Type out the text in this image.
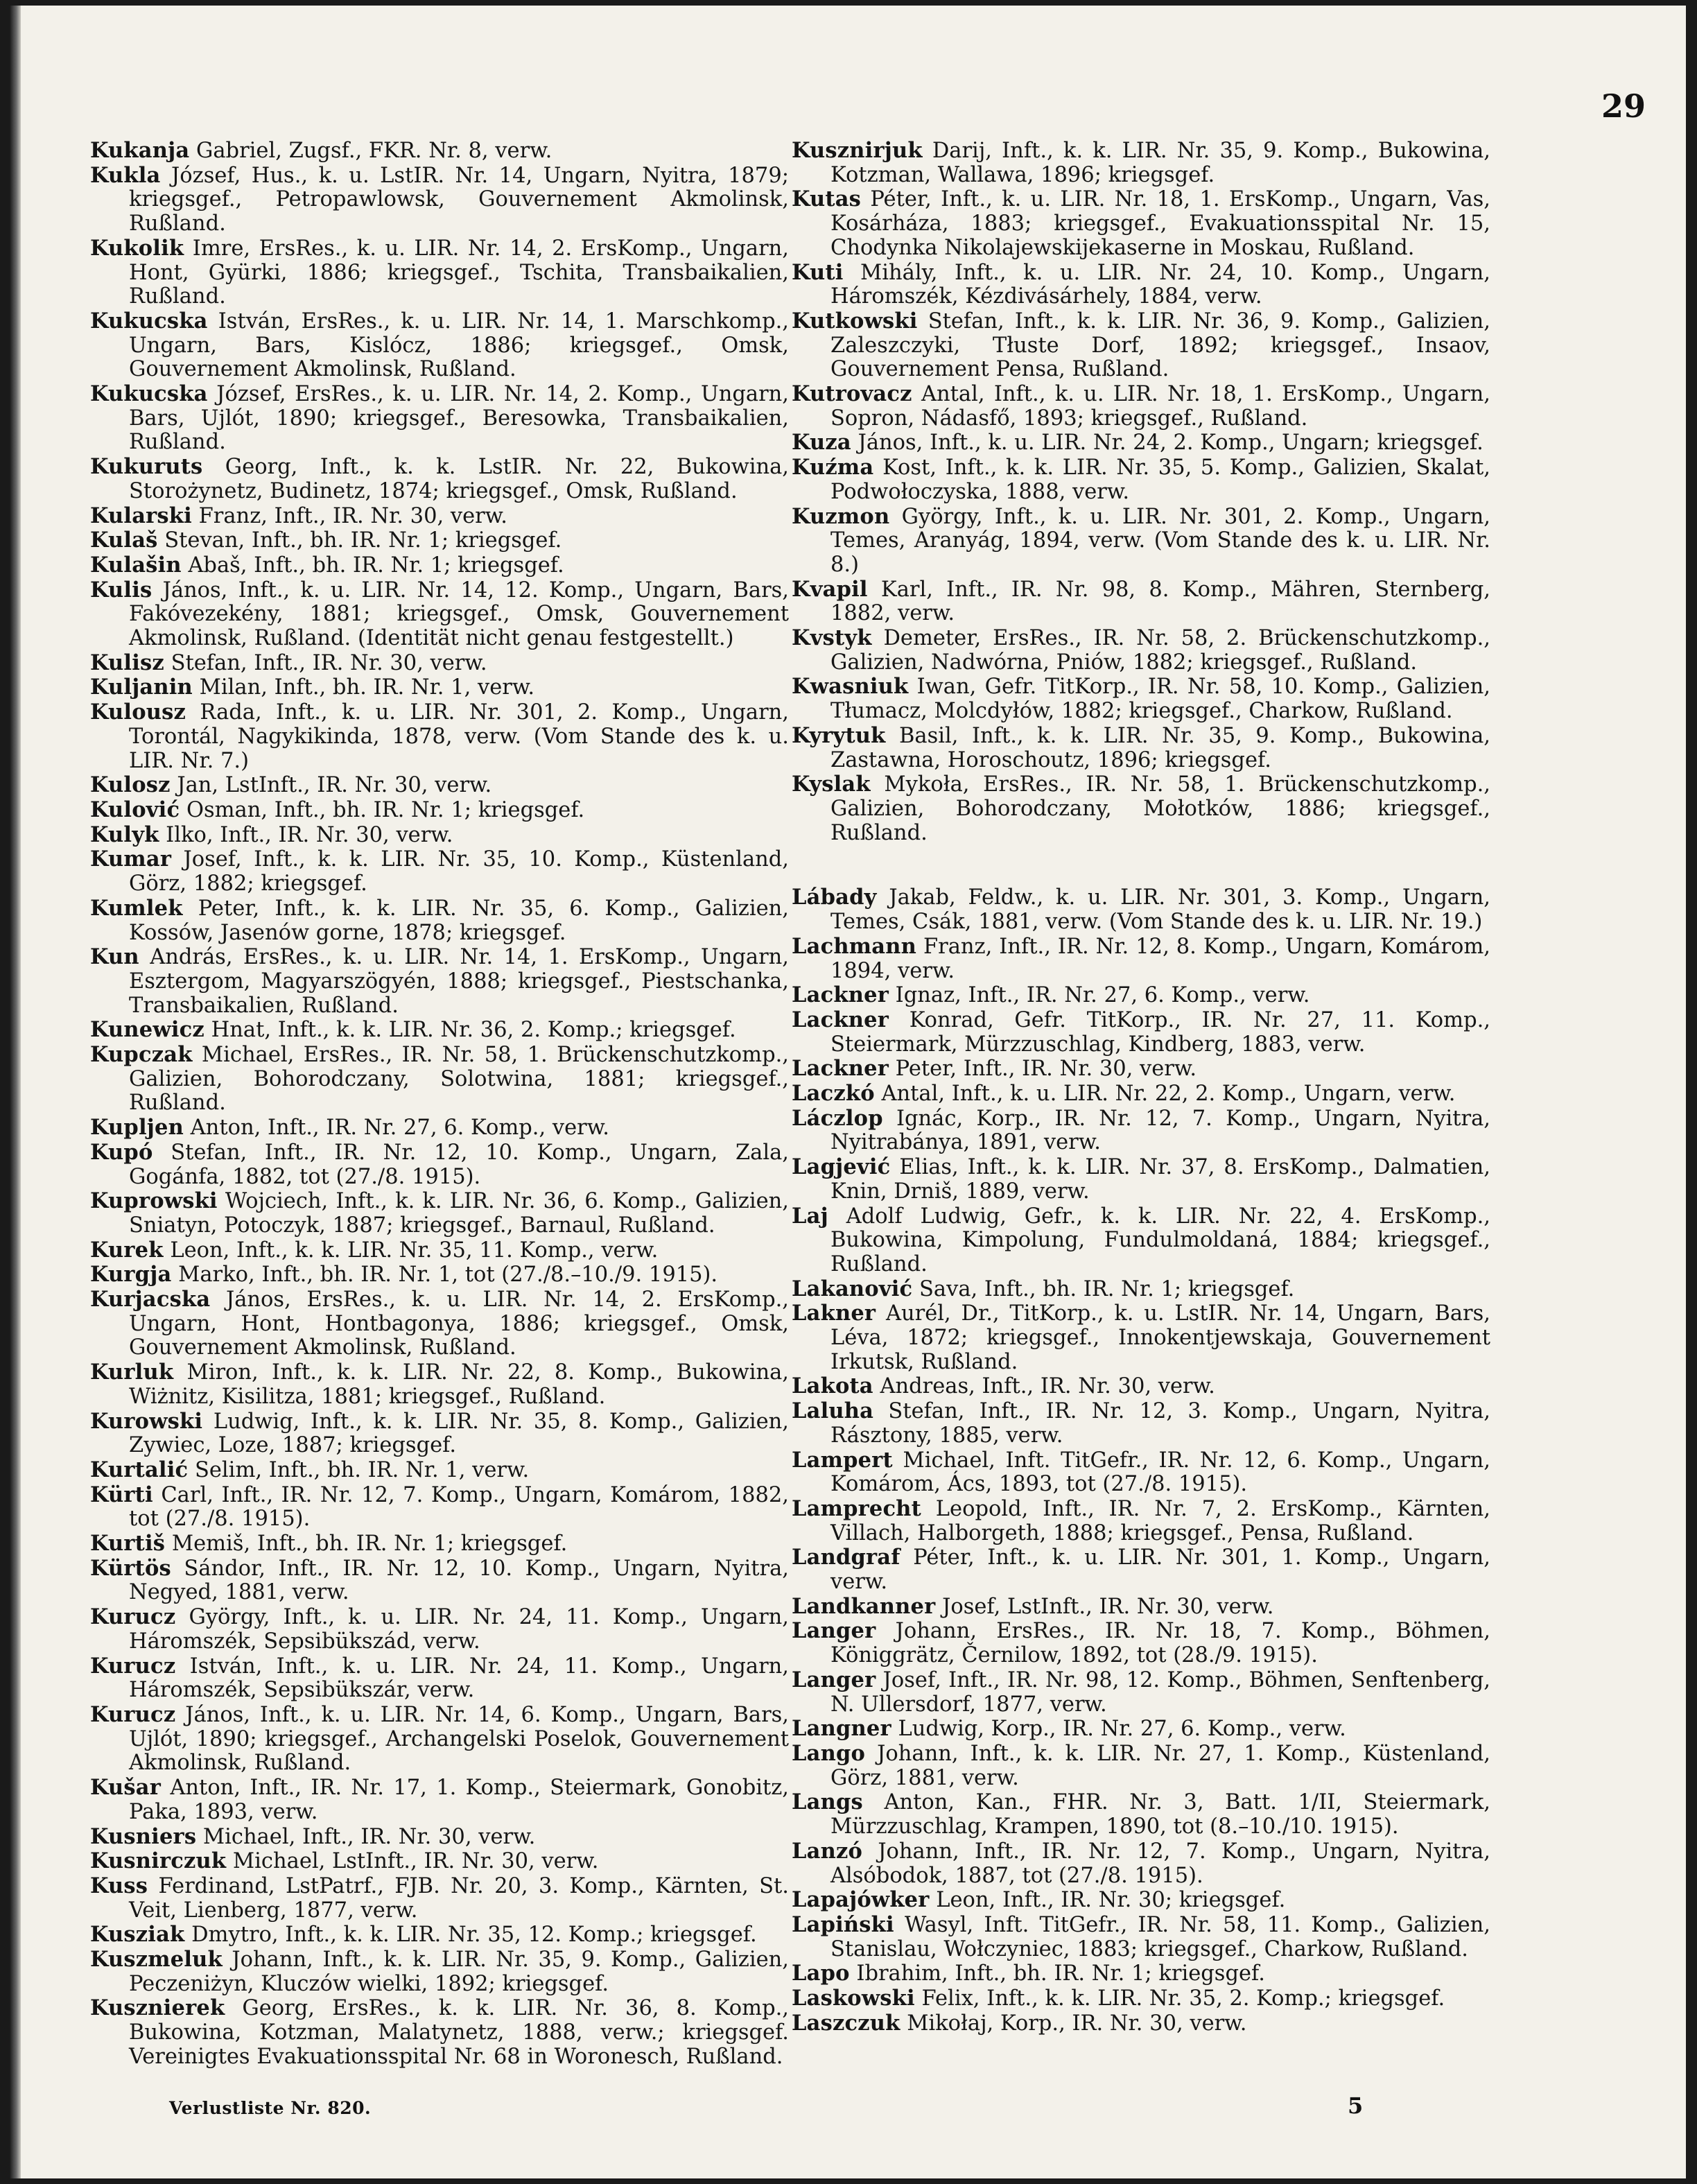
29

Kukanja Gabriel, Zugsf., FKR. Nr. 8, verw.

Kukla József, Hus., k. u. LstIR. Nr. 14, Ungarn, Nyitra, 1879; kriegsgef., Petropawlowsk, Gouvernement Akmolinsk, Rußland.

Kukolik Imre, ErsRes., k. u. LIR. Nr. 14, 2. ErsKomp., Ungarn, Hont, Gyürki, 1886; kriegsgef., Tschita, Transbaikalien, Rußland.

Kukucska István, ErsRes., k. u. LIR. Nr. 14, 1. Marschkomp., Ungarn, Bars, Kislócz, 1886; kriegsgef., Omsk, Gouvernement Akmolinsk, Rußland.

Kukucska József, ErsRes., k. u. LIR. Nr. 14, 2. Komp., Ungarn, Bars, Ujlót, 1890; kriegsgef., Beresowka, Transbaikalien, Rußland.

Kukuruts Georg, Inft., k. k. LstIR. Nr. 22, Bukowina, Storożynetz, Budinetz, 1874; kriegsgef., Omsk, Rußland.

Kularski Franz, Inft., IR. Nr. 30, verw.

Kulaš Stevan, Inft., bh. IR. Nr. 1; kriegsgef.

Kulašin Abaš, Inft., bh. IR. Nr. 1; kriegsgef.

Kulis János, Inft., k. u. LIR. Nr. 14, 12. Komp., Ungarn, Bars, Fakóvezekény, 1881; kriegsgef., Omsk, Gouvernement Akmolinsk, Rußland. (Identität nicht genau festgestellt.)

Kulisz Stefan, Inft., IR. Nr. 30, verw.

Kuljanin Milan, Inft., bh. IR. Nr. 1, verw.

Kulousz Rada, Inft., k. u. LIR. Nr. 301, 2. Komp., Ungarn, Torontál, Nagykikinda, 1878, verw. (Vom Stande des k. u. LIR. Nr. 7.)

Kulosz Jan, LstInft., IR. Nr. 30, verw.

Kulović Osman, Inft., bh. IR. Nr. 1; kriegsgef.

Kulyk Ilko, Inft., IR. Nr. 30, verw.

Kumar Josef, Inft., k. k. LIR. Nr. 35, 10. Komp., Küstenland, Görz, 1882; kriegsgef.

Kumlek Peter, Inft., k. k. LIR. Nr. 35, 6. Komp., Galizien, Kossów, Jasenów gorne, 1878; kriegsgef.

Kun András, ErsRes., k. u. LIR. Nr. 14, 1. ErsKomp., Ungarn, Esztergom, Magyarszögyén, 1888; kriegsgef., Piestschanka, Transbaikalien, Rußland.

Kunewicz Hnat, Inft., k. k. LIR. Nr. 36, 2. Komp.; kriegsgef.

Kupczak Michael, ErsRes., IR. Nr. 58, 1. Brückenschutzkomp., Galizien, Bohorodczany, Solotwina, 1881; kriegsgef., Rußland.

Kupljen Anton, Inft., IR. Nr. 27, 6. Komp., verw.

Kupó Stefan, Inft., IR. Nr. 12, 10. Komp., Ungarn, Zala, Gogánfa, 1882, tot (27./8. 1915).

Kuprowski Wojciech, Inft., k. k. LIR. Nr. 36, 6. Komp., Galizien, Sniatyn, Potoczyk, 1887; kriegsgef., Barnaul, Rußland.

Kurek Leon, Inft., k. k. LIR. Nr. 35, 11. Komp., verw.

Kurgja Marko, Inft., bh. IR. Nr. 1, tot (27./8.–10./9. 1915).

Kurjacska János, ErsRes., k. u. LIR. Nr. 14, 2. ErsKomp., Ungarn, Hont, Hontbagonya, 1886; kriegsgef., Omsk, Gouvernement Akmolinsk, Rußland.

Kurluk Miron, Inft., k. k. LIR. Nr. 22, 8. Komp., Bukowina, Wiżnitz, Kisilitza, 1881; kriegsgef., Rußland.

Kurowski Ludwig, Inft., k. k. LIR. Nr. 35, 8. Komp., Galizien, Zywiec, Loze, 1887; kriegsgef.

Kurtalić Selim, Inft., bh. IR. Nr. 1, verw.

Kürti Carl, Inft., IR. Nr. 12, 7. Komp., Ungarn, Komárom, 1882, tot (27./8. 1915).

Kurtiš Memiš, Inft., bh. IR. Nr. 1; kriegsgef.

Kürtös Sándor, Inft., IR. Nr. 12, 10. Komp., Ungarn, Nyitra, Negyed, 1881, verw.

Kurucz György, Inft., k. u. LIR. Nr. 24, 11. Komp., Ungarn, Háromszék, Sepsibükszád, verw.

Kurucz István, Inft., k. u. LIR. Nr. 24, 11. Komp., Ungarn, Háromszék, Sepsibükszár, verw.

Kurucz János, Inft., k. u. LIR. Nr. 14, 6. Komp., Ungarn, Bars, Ujlót, 1890; kriegsgef., Archangelski Poselok, Gouvernement Akmolinsk, Rußland.

Kušar Anton, Inft., IR. Nr. 17, 1. Komp., Steiermark, Gonobitz, Paka, 1893, verw.

Kusniers Michael, Inft., IR. Nr. 30, verw.

Kusnirczuk Michael, LstInft., IR. Nr. 30, verw.

Kuss Ferdinand, LstPatrf., FJB. Nr. 20, 3. Komp., Kärnten, St. Veit, Lienberg, 1877, verw.

Kusziak Dmytro, Inft., k. k. LIR. Nr. 35, 12. Komp.; kriegsgef.

Kuszmeluk Johann, Inft., k. k. LIR. Nr. 35, 9. Komp., Galizien, Peczeniżyn, Kluczów wielki, 1892; kriegsgef.

Kusznierek Georg, ErsRes., k. k. LIR. Nr. 36, 8. Komp., Bukowina, Kotzman, Malatynetz, 1888, verw.; kriegsgef. Vereinigtes Evakuationsspital Nr. 68 in Woronesch, Rußland.

Kusznirjuk Darij, Inft., k. k. LIR. Nr. 35, 9. Komp., Bukowina, Kotzman, Wallawa, 1896; kriegsgef.

Kutas Péter, Inft., k. u. LIR. Nr. 18, 1. ErsKomp., Ungarn, Vas, Kosárháza, 1883; kriegsgef., Evakuationsspital Nr. 15, Chodynka Nikolajewskijekaserne in Moskau, Rußland.

Kuti Mihály, Inft., k. u. LIR. Nr. 24, 10. Komp., Ungarn, Háromszék, Kézdivásárhely, 1884, verw.

Kutkowski Stefan, Inft., k. k. LIR. Nr. 36, 9. Komp., Galizien, Zaleszczyki, Tłuste Dorf, 1892; kriegsgef., Insaov, Gouvernement Pensa, Rußland.

Kutrovacz Antal, Inft., k. u. LIR. Nr. 18, 1. ErsKomp., Ungarn, Sopron, Nádasfő, 1893; kriegsgef., Rußland.

Kuza János, Inft., k. u. LIR. Nr. 24, 2. Komp., Ungarn; kriegsgef.

Kuźma Kost, Inft., k. k. LIR. Nr. 35, 5. Komp., Galizien, Skalat, Podwołoczyska, 1888, verw.

Kuzmon György, Inft., k. u. LIR. Nr. 301, 2. Komp., Ungarn, Temes, Aranyág, 1894, verw. (Vom Stande des k. u. LIR. Nr. 8.)

Kvapil Karl, Inft., IR. Nr. 98, 8. Komp., Mähren, Sternberg, 1882, verw.

Kvstyk Demeter, ErsRes., IR. Nr. 58, 2. Brückenschutzkomp., Galizien, Nadwórna, Pniów, 1882; kriegsgef., Rußland.

Kwasniuk Iwan, Gefr. TitKorp., IR. Nr. 58, 10. Komp., Galizien, Tłumacz, Molcdyłów, 1882; kriegsgef., Charkow, Rußland.

Kyrytuk Basil, Inft., k. k. LIR. Nr. 35, 9. Komp., Bukowina, Zastawna, Horoschoutz, 1896; kriegsgef.

Kyslak Mykoła, ErsRes., IR. Nr. 58, 1. Brückenschutzkomp., Galizien, Bohorodczany, Mołotków, 1886; kriegsgef., Rußland.

Lábady Jakab, Feldw., k. u. LIR. Nr. 301, 3. Komp., Ungarn, Temes, Csák, 1881, verw. (Vom Stande des k. u. LIR. Nr. 19.)

Lachmann Franz, Inft., IR. Nr. 12, 8. Komp., Ungarn, Komárom, 1894, verw.

Lackner Ignaz, Inft., IR. Nr. 27, 6. Komp., verw.

Lackner Konrad, Gefr. TitKorp., IR. Nr. 27, 11. Komp., Steiermark, Mürzzuschlag, Kindberg, 1883, verw.

Lackner Peter, Inft., IR. Nr. 30, verw.

Laczkó Antal, Inft., k. u. LIR. Nr. 22, 2. Komp., Ungarn, verw.

Láczlop Ignác, Korp., IR. Nr. 12, 7. Komp., Ungarn, Nyitra, Nyitrabánya, 1891, verw.

Lagjević Elias, Inft., k. k. LIR. Nr. 37, 8. ErsKomp., Dalmatien, Knin, Drniš, 1889, verw.

Laj Adolf Ludwig, Gefr., k. k. LIR. Nr. 22, 4. ErsKomp., Bukowina, Kimpolung, Fundulmoldaná, 1884; kriegsgef., Rußland.

Lakanović Sava, Inft., bh. IR. Nr. 1; kriegsgef.

Lakner Aurél, Dr., TitKorp., k. u. LstIR. Nr. 14, Ungarn, Bars, Léva, 1872; kriegsgef., Innokentjewskaja, Gouvernement Irkutsk, Rußland.

Lakota Andreas, Inft., IR. Nr. 30, verw.

Laluha Stefan, Inft., IR. Nr. 12, 3. Komp., Ungarn, Nyitra, Rásztony, 1885, verw.

Lampert Michael, Inft. TitGefr., IR. Nr. 12, 6. Komp., Ungarn, Komárom, Ács, 1893, tot (27./8. 1915).

Lamprecht Leopold, Inft., IR. Nr. 7, 2. ErsKomp., Kärnten, Villach, Halborgeth, 1888; kriegsgef., Pensa, Rußland.

Landgraf Péter, Inft., k. u. LIR. Nr. 301, 1. Komp., Ungarn, verw.

Landkanner Josef, LstInft., IR. Nr. 30, verw.

Langer Johann, ErsRes., IR. Nr. 18, 7. Komp., Böhmen, Königgrätz, Černilow, 1892, tot (28./9. 1915).

Langer Josef, Inft., IR. Nr. 98, 12. Komp., Böhmen, Senftenberg, N. Ullersdorf, 1877, verw.

Langner Ludwig, Korp., IR. Nr. 27, 6. Komp., verw.

Lango Johann, Inft., k. k. LIR. Nr. 27, 1. Komp., Küstenland, Görz, 1881, verw.

Langs Anton, Kan., FHR. Nr. 3, Batt. 1/II, Steiermark, Mürzzuschlag, Krampen, 1890, tot (8.–10./10. 1915).

Lanzó Johann, Inft., IR. Nr. 12, 7. Komp., Ungarn, Nyitra, Alsóbodok, 1887, tot (27./8. 1915).

Lapajówker Leon, Inft., IR. Nr. 30; kriegsgef.

Lapiński Wasyl, Inft. TitGefr., IR. Nr. 58, 11. Komp., Galizien, Stanislau, Wołczyniec, 1883; kriegsgef., Charkow, Rußland.

Lapo Ibrahim, Inft., bh. IR. Nr. 1; kriegsgef.

Laskowski Felix, Inft., k. k. LIR. Nr. 35, 2. Komp.; kriegsgef.

Laszczuk Mikołaj, Korp., IR. Nr. 30, verw.

Verlustliste Nr. 820.	5
